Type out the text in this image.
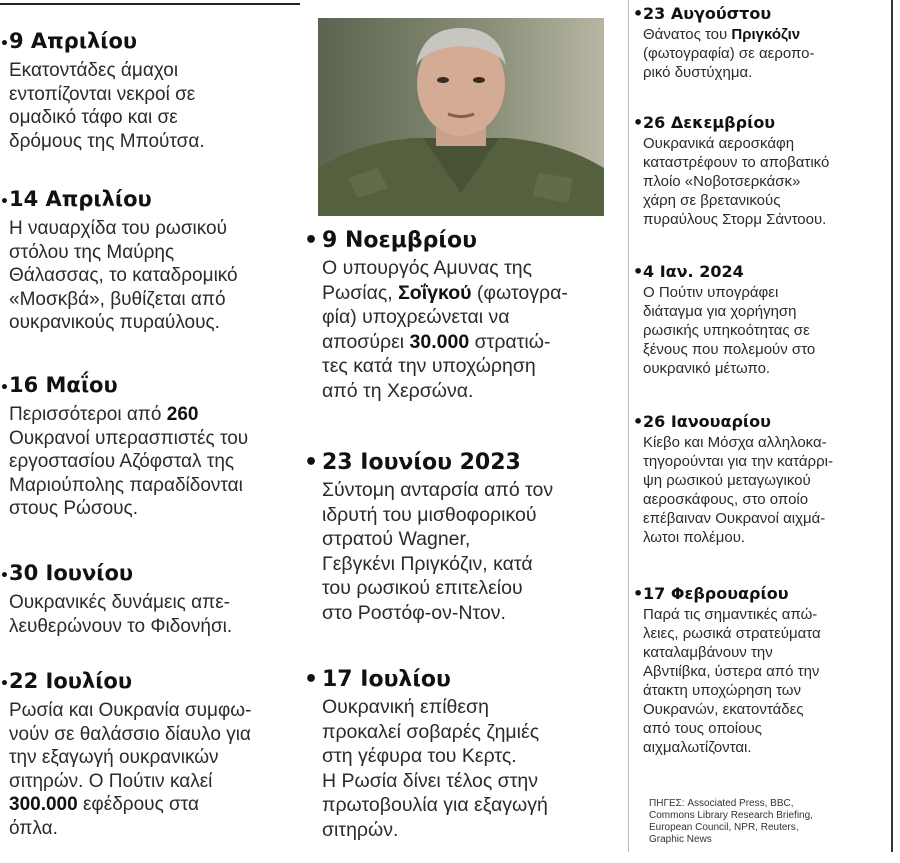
•9 Απριλίου
Εκατοντάδες άμαχοι
εντοπίζονται νεκροί σε
ομαδικό τάφο και σε
δρόμους της Μπούτσα.
•14 Απριλίου
Η ναυαρχίδα του ρωσικού
στόλου της Μαύρης
Θάλασσας, το καταδρομικό
«Μοσκβά», βυθίζεται από
ουκρανικούς πυραύλους.
•16 Μαΐου
Περισσότεροι από 260
Ουκρανοί υπερασπιστές του
εργοστασίου Αζόφσταλ της
Μαριούπολης παραδίδονται
στους Ρώσους.
•30 Ιουνίου
Ουκρανικές δυνάμεις απε-
λευθερώνουν το Φιδονήσι.
•22 Ιουλίου
Ρωσία και Ουκρανία συμφω-
νούν σε θαλάσσιο δίαυλο για
την εξαγωγή ουκρανικών
σιτηρών. Ο Πούτιν καλεί
300.000 εφέδρους στα
όπλα.
• 9 Νοεμβρίου
Ο υπουργός Αμυνας της
Ρωσίας, Σοΐγκού (φωτογρα-
φία) υποχρεώνεται να
αποσύρει 30.000 στρατιώ-
τες κατά την υποχώρηση
από τη Χερσώνα.
• 23 Ιουνίου 2023
Σύντομη ανταρσία από τον
ιδρυτή του μισθοφορικού
στρατού Wagner,
Γεβγκένι Πριγκόζιν, κατά
του ρωσικού επιτελείου
στο Ροστόφ-ον-Ντον.
• 17 Ιουλίου
Ουκρανική επίθεση
προκαλεί σοβαρές ζημιές
στη γέφυρα του Κερτς.
Η Ρωσία δίνει τέλος στην
πρωτοβουλία για εξαγωγή
σιτηρών.
•23 Αυγούστου
Θάνατος του Πριγκόζιν
(φωτογραφία) σε αεροπο-
ρικό δυστύχημα.
•26 Δεκεμβρίου
Ουκρανικά αεροσκάφη
καταστρέφουν το αποβατικό
πλοίο «Νοβοτσερκάσκ»
χάρη σε βρετανικούς
πυραύλους Στορμ Σάντοου.
•4 Ιαν. 2024
Ο Πούτιν υπογράφει
διάταγμα για χορήγηση
ρωσικής υπηκοότητας σε
ξένους που πολεμούν στο
ουκρανικό μέτωπο.
•26 Ιανουαρίου
Κίεβο και Μόσχα αλληλοκα-
τηγορούνται για την κατάρρι-
ψη ρωσικού μεταγωγικού
αεροσκάφους, στο οποίο
επέβαιναν Ουκρανοί αιχμά-
λωτοι πολέμου.
•17 Φεβρουαρίου
Παρά τις σημαντικές απώ-
λειες, ρωσικά στρατεύματα
καταλαμβάνουν την
Αβντιίβκα, ύστερα από την
άτακτη υποχώρηση των
Ουκρανών, εκατοντάδες
από τους οποίους
αιχμαλωτίζονται.
ΠΗΓΕΣ: Associated Press, BBC,
Commons Library Research Briefing,
European Council, NPR, Reuters,
Graphic News
